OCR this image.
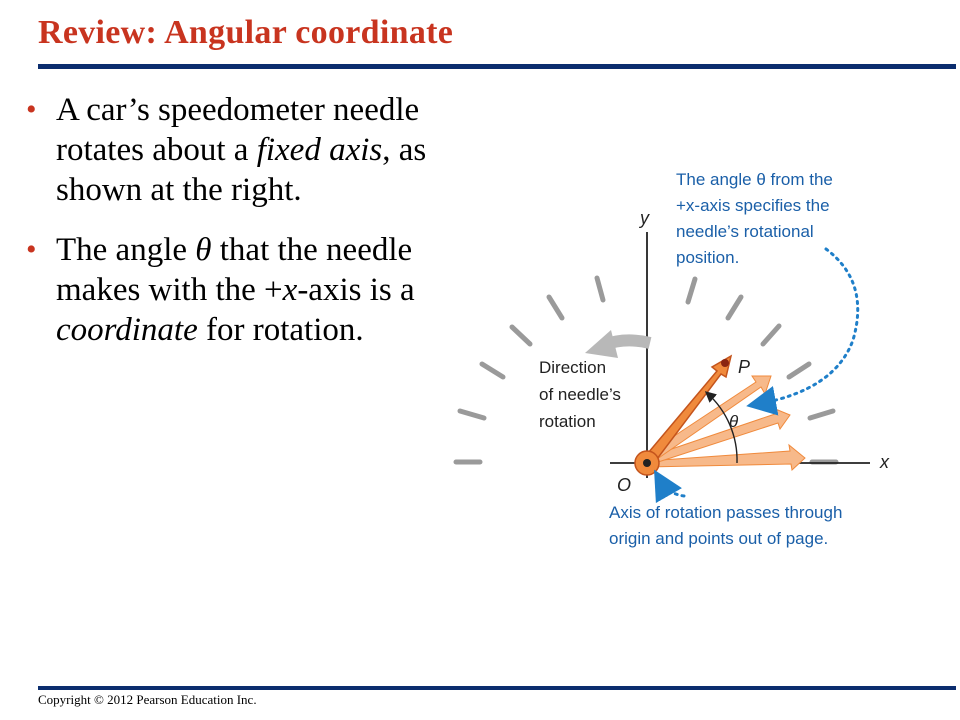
Review: Angular coordinate
• A car’s speedometer needle rotates about a fixed axis, as shown at the right.
• The angle θ that the needle makes with the +x-axis is a coordinate for rotation.
y
x
P
θ
O
The angle θ from the
+x-axis specifies the
needle’s rotational
position.
Direction
of needle’s
rotation
Axis of rotation passes through
origin and points out of page.
Copyright © 2012 Pearson Education Inc.
